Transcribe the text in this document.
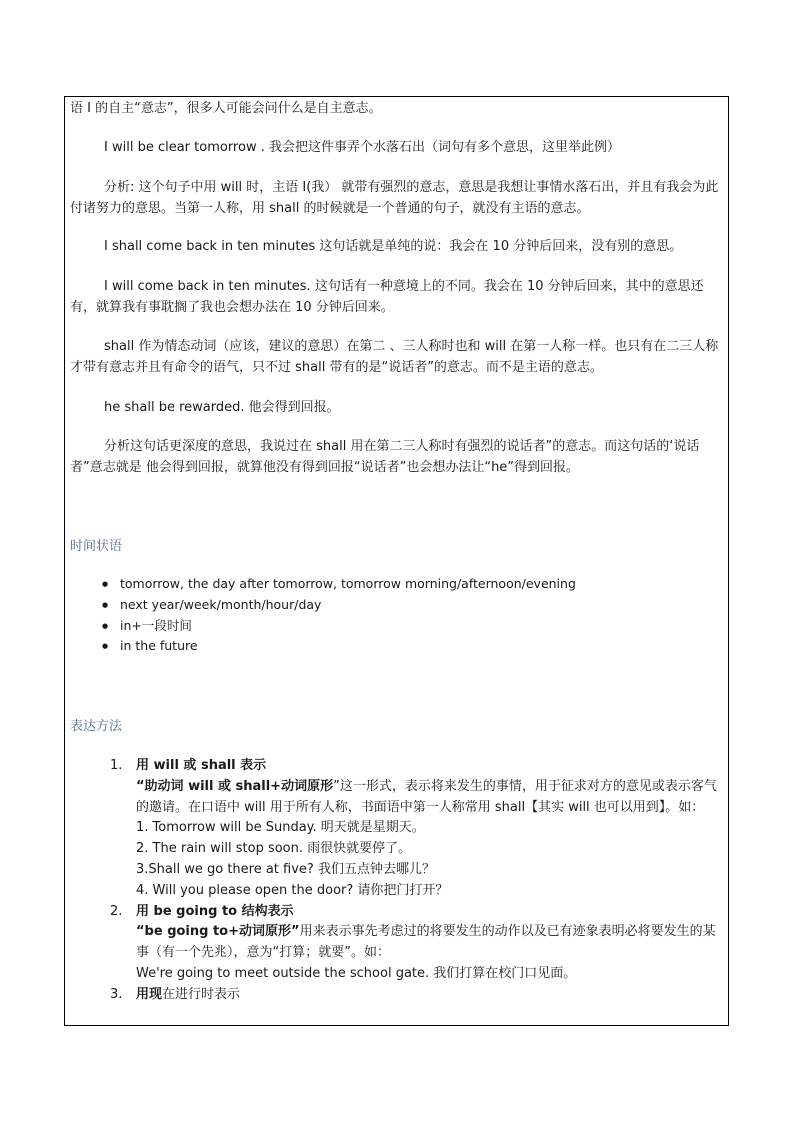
语 I 的自主“意志”，很多人可能会问什么是自主意志。

I will be clear tomorrow . 我会把这件事弄个水落石出（词句有多个意思，这里举此例）

分析: 这个句子中用 will 时，主语 I(我） 就带有强烈的意志，意思是我想让事情水落石出，并且有我会为此付诸努力的意思。当第一人称，用 shall 的时候就是一个普通的句子，就没有主语的意志。

I shall come back in ten minutes 这句话就是单纯的说：我会在 10 分钟后回来，没有别的意思。

I will come back in ten minutes. 这句话有一种意境上的不同。我会在 10 分钟后回来，其中的意思还有，就算我有事耽搁了我也会想办法在 10 分钟后回来。

shall 作为情态动词（应该，建议的意思）在第二 、三人称时也和 will 在第一人称一样。也只有在二三人称才带有意志并且有命令的语气，只不过 shall 带有的是“说话者”的意志。而不是主语的意志。

he shall be rewarded. 他会得到回报。

分析这句话更深度的意思，我说过在 shall 用在第二三人称时有强烈的说话者”的意志。而这句话的‘说话者”意志就是 他会得到回报，就算他没有得到回报“说话者”也会想办法让“he”得到回报。

时间状语

● tomorrow, the day after tomorrow, tomorrow morning/afternoon/evening
● next year/week/month/hour/day
● in+一段时间
● in the future

表达方法

1. 用 will 或 shall 表示
“助动词 will 或 shall+动词原形”这一形式，表示将来发生的事情，用于征求对方的意见或表示客气的邀请。在口语中 will 用于所有人称，书面语中第一人称常用 shall【其实 will 也可以用到】。如：
1. Tomorrow will be Sunday. 明天就是星期天。
2. The rain will stop soon. 雨很快就要停了。
3.Shall we go there at five? 我们五点钟去哪儿？
4. Will you please open the door? 请你把门打开？
2. 用 be going to 结构表示
“be going to+动词原形”用来表示事先考虑过的将要发生的动作以及已有迹象表明必将要发生的某事（有一个先兆），意为“打算；就要”。如：
We're going to meet outside the school gate. 我们打算在校门口见面。
3. 用现在进行时表示
